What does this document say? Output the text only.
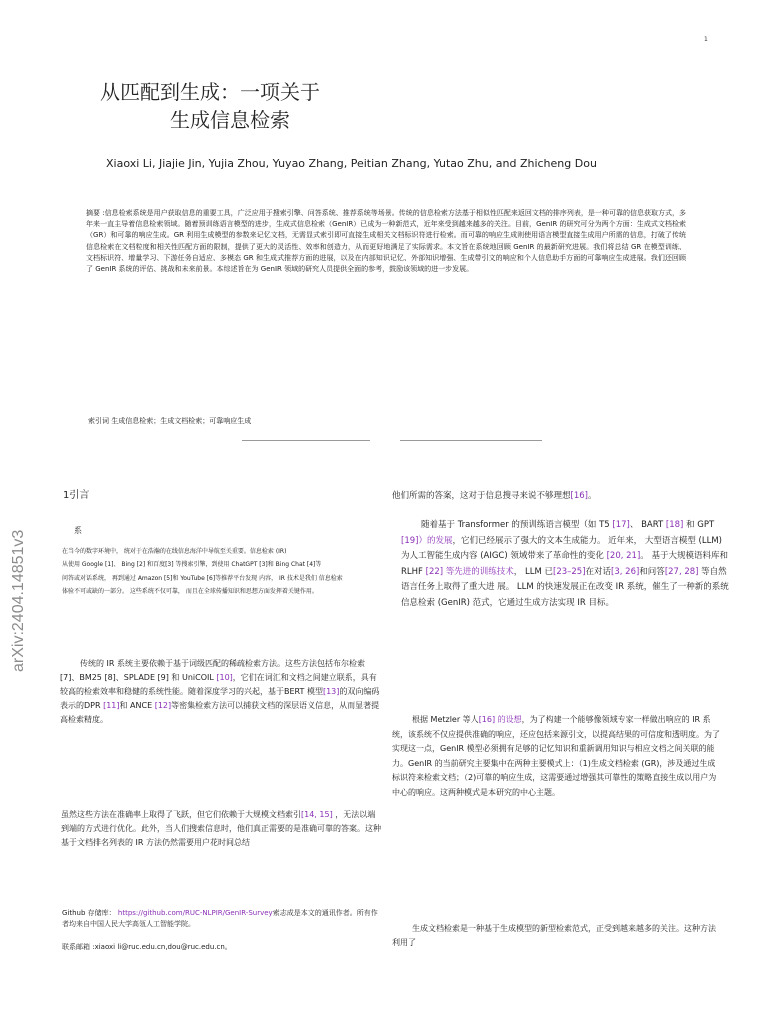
1
从匹配到生成：一项关于
生成信息检索
Xiaoxi Li, Jiajie Jin, Yujia Zhou, Yuyao Zhang, Peitian Zhang, Yutao Zhu, and Zhicheng Dou
摘要 :信息检索系统是用户获取信息的重要工具，广泛应用于搜索引擎、问答系统、推荐系统等场景。传统的信息检索方法基于相似性匹配来返回文档的排序列表，是一种可靠的信息获取方式，多年来一直主导着信息检索领域。随着预训练语言模型的进步，生成式信息检索（GenIR）已成为一种新范式，近年来受到越来越多的关注。目前，GenIR 的研究可分为两个方面：生成式文档检索（GR）和可靠的响应生成。GR 利用生成模型的参数来记忆文档，无需显式索引即可直接生成相关文档标识符进行检索。而可靠的响应生成则使用语言模型直接生成用户所需的信息，打破了传统信息检索在文档粒度和相关性匹配方面的限制，提供了更大的灵活性、效率和创造力，从而更好地满足了实际需求。本文旨在系统地回顾 GenIR 的最新研究进展。我们将总结 GR 在模型训练、文档标识符、增量学习、下游任务自适应、多模态 GR 和生成式推荐方面的进展，以及在内部知识记忆、外部知识增强、生成带引文的响应和个人信息助手方面的可靠响应生成进展。我们还回顾了 GenIR 系统的评估、挑战和未来前景。本综述旨在为 GenIR 领域的研究人员提供全面的参考，鼓励该领域的进一步发展。
索引词 生成信息检索；生成文档检索；可靠响应生成
arXiv:2404.14851v3
1引言
系
在当今的数字环境中， 统对于在浩瀚的在线信息海洋中导航至关重要。信息检索 (IR)
从使用 Google [1]、 Bing [2] 和百度[3] 等搜索引擎，到使用 ChatGPT [3]和 Bing Chat [4]等
问答或对话系统， 再到通过 Amazon [5]和 YouTube [6]等推荐平台发现 内容， IR 技术是我们 信息检索
体验不可或缺的一部分。 这些系统不仅可靠， 而且在全球传播知识和思想方面发挥着关键作用。
传统的 IR 系统主要依赖于基于词级匹配的稀疏检索方法。这些方法包括布尔检索[7]、BM25 [8]、SPLADE [9] 和 UniCOIL [10]，它们在词汇和文档之间建立联系，具有较高的检索效率和稳健的系统性能。随着深度学习的兴起，基于BERT 模型[13]的双向编码表示的DPR [11]和 ANCE [12]等密集检索方法可以捕获文档的深层语义信息，从而显著提高检索精度。
虽然这些方法在准确率上取得了飞跃，但它们依赖于大规模文档索引[14, 15] ，无法以端到端的方式进行优化。此外，当人们搜索信息时，他们真正需要的是准确可靠的答案。这种基于文档排名列表的 IR 方法仍然需要用户花时间总结
Github 存储库： https://github.com/RUC-NLPIR/GenIR-Survey索志成是本文的通讯作者。所有作者均来自中国人民大学高瓴人工智能学院。
联系邮箱 :xiaoxi li@ruc.edu.cn,dou@ruc.edu.cn。
他们所需的答案，这对于信息搜寻来说不够理想[16]。
随着基于 Transformer 的预训练语言模型（如 T5 [17]、 BART [18] 和 GPT [19]）的发展，它们已经展示了强大的文本生成能力。 近年来， 大型语言模型 (LLM) 为人工智能生成内容 (AIGC) 领域带来了革命性的变化 [20, 21]。 基于大规模语料库和 RLHF [22] 等先进的训练技术， LLM 已[23–25]在对话[3, 26]和问答[27, 28] 等自然语言任务上取得了重大进 展。 LLM 的快速发展正在改变 IR 系统，催生了一种新的系统信息检索 (GenIR) 范式，它通过生成方法实现 IR 目标。
根据 Metzler 等人[16] 的设想，为了构建一个能够像领域专家一样做出响应的 IR 系统，该系统不仅应提供准确的响应，还应包括来源引文，以提高结果的可信度和透明度。为了实现这一点，GenIR 模型必须拥有足够的记忆知识和重新调用知识与相应文档之间关联的能力。GenIR 的当前研究主要集中在两种主要模式上：（1)生成文档检索 (GR)，涉及通过生成标识符来检索文档；（2)可靠的响应生成，这需要通过增强其可靠性的策略直接生成以用户为中心的响应。这两种模式是本研究的中心主题。
生成文档检索是一种基于生成模型的新型检索范式，正受到越来越多的关注。这种方法利用了
